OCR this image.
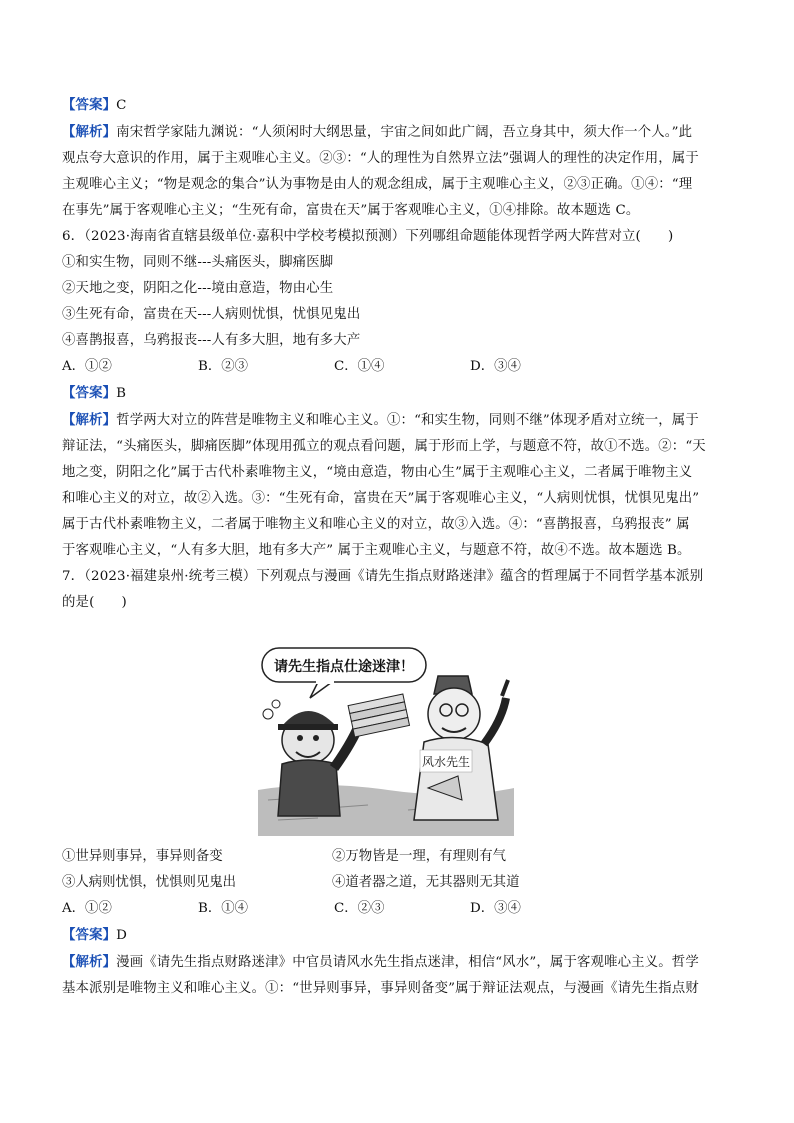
【答案】C

【解析】南宋哲学家陆九渊说：“人须闲时大纲思量，宇宙之间如此广阔，吾立身其中，须大作一个人。”此

观点夸大意识的作用，属于主观唯心主义。②③：“人的理性为自然界立法”强调人的理性的决定作用，属于

主观唯心主义；“物是观念的集合”认为事物是由人的观念组成，属于主观唯心主义，②③正确。①④：“理

在事先”属于客观唯心主义；“生死有命，富贵在天”属于客观唯心主义，①④排除。故本题选 C。

6．（2023·海南省直辖县级单位·嘉积中学校考模拟预测）下列哪组命题能体现哲学两大阵营对立(　　)

①和实生物，同则不继---头痛医头，脚痛医脚

②天地之变，阴阳之化---境由意造，物由心生

③生死有命，富贵在天---人病则忧惧，忧惧见鬼出

④喜鹊报喜，乌鸦报丧---人有多大胆，地有多大产

A．①②	B．②③	C．①④	D．③④

【答案】B

【解析】哲学两大对立的阵营是唯物主义和唯心主义。①：“和实生物，同则不继”体现矛盾对立统一，属于

辩证法，“头痛医头，脚痛医脚”体现用孤立的观点看问题，属于形而上学，与题意不符，故①不选。②：“天

地之变，阴阳之化”属于古代朴素唯物主义，“境由意造，物由心生”属于主观唯心主义，二者属于唯物主义

和唯心主义的对立，故②入选。③：“生死有命，富贵在天”属于客观唯心主义，“人病则忧惧，忧惧见鬼出”

属于古代朴素唯物主义，二者属于唯物主义和唯心主义的对立，故③入选。④：“喜鹊报喜，乌鸦报丧” 属

于客观唯心主义，“人有多大胆，地有多大产” 属于主观唯心主义，与题意不符，故④不选。故本题选 B。

7．（2023·福建泉州·统考三模）下列观点与漫画《请先生指点财路迷津》蕴含的哲理属于不同哲学基本派别

的是(　　)

请先生指点仕途迷津！
风水先生
①世异则事异，事异则备变	②万物皆是一理，有理则有气
③人病则忧惧，忧惧则见鬼出	④道者器之道，无其器则无其道
A．①②	B．①④	C．②③	D．③④

【答案】D

【解析】漫画《请先生指点财路迷津》中官员请风水先生指点迷津，相信“风水”，属于客观唯心主义。哲学

基本派别是唯物主义和唯心主义。①：“世异则事异，事异则备变”属于辩证法观点，与漫画《请先生指点财
